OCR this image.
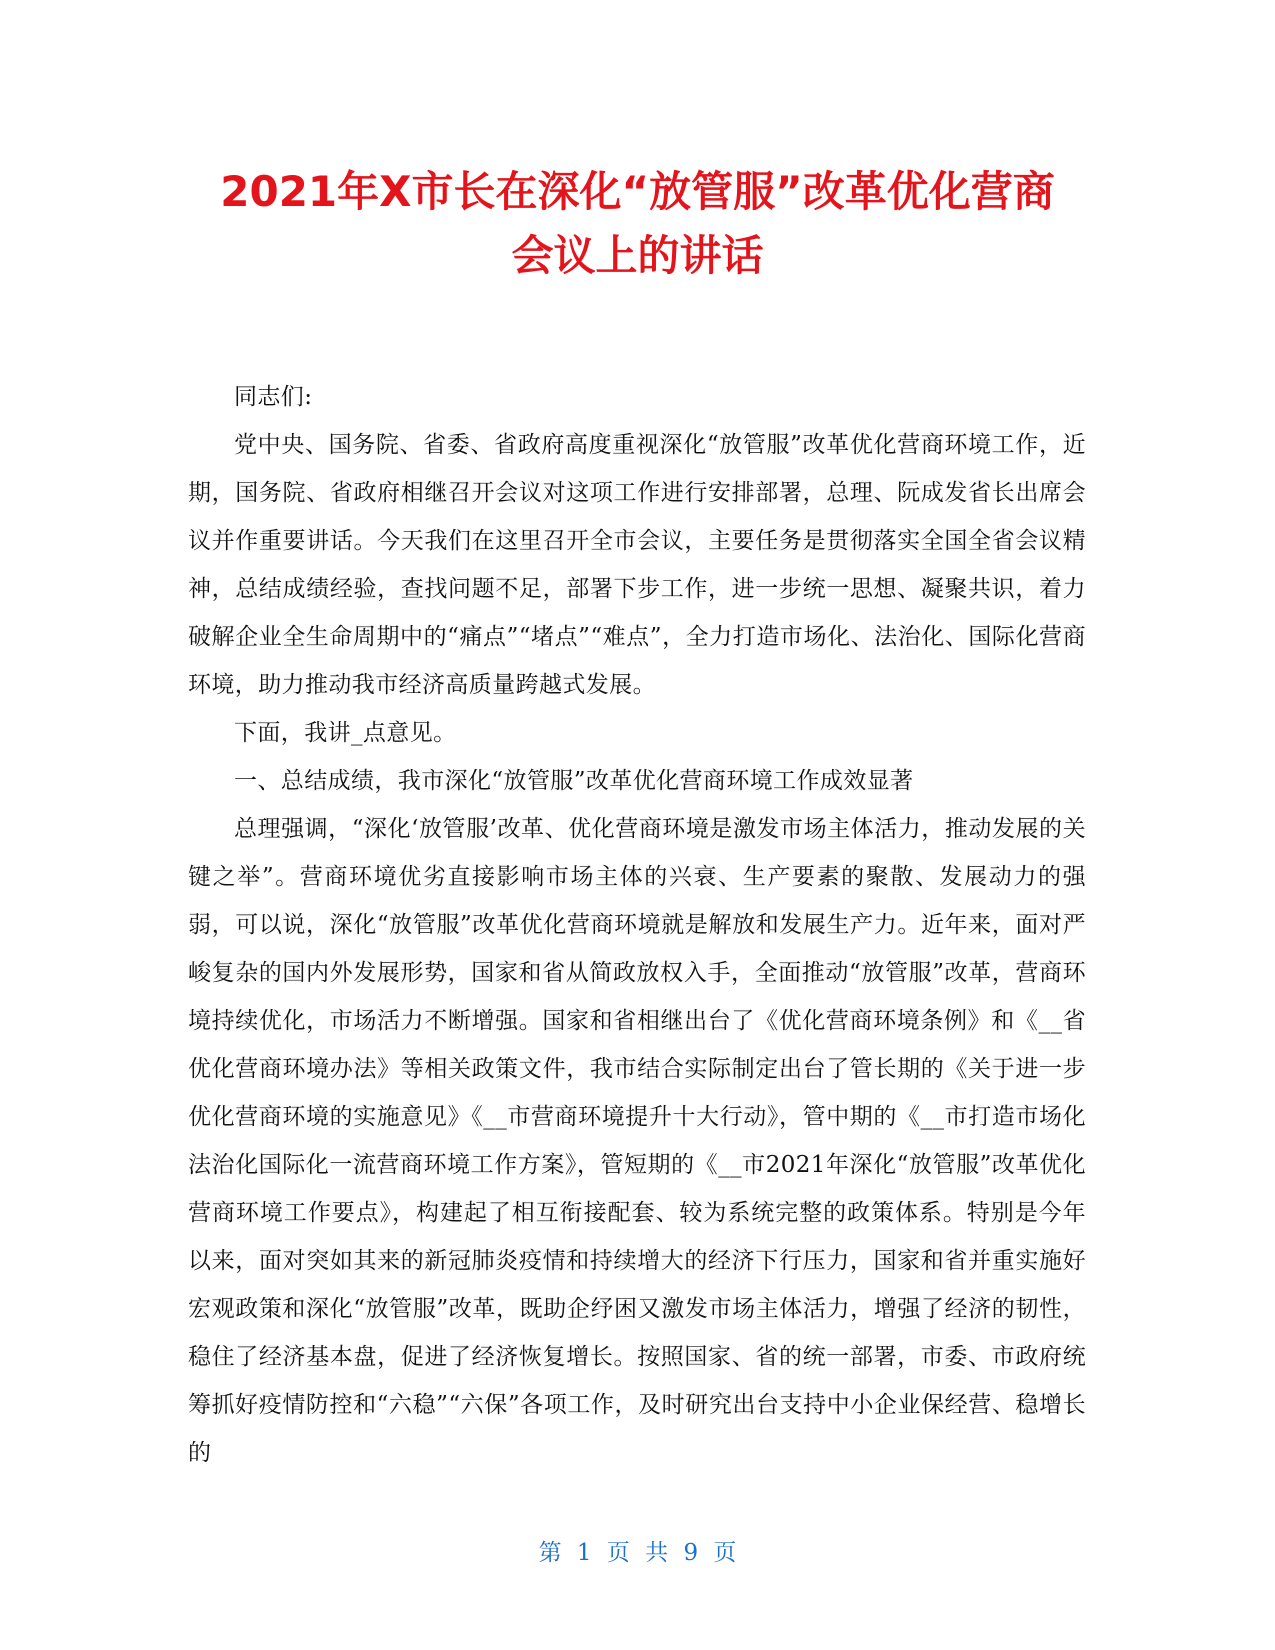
2021年X市长在深化“放管服”改革优化营商
会议上的讲话

同志们:

党中央、国务院、省委、省政府高度重视深化“放管服”改革优化营商环境工作，近期，国务院、省政府相继召开会议对这项工作进行安排部署，总理、阮成发省长出席会议并作重要讲话。今天我们在这里召开全市会议，主要任务是贯彻落实全国全省会议精神，总结成绩经验，查找问题不足，部署下步工作，进一步统一思想、凝聚共识，着力破解企业全生命周期中的“痛点”“堵点”“难点”，全力打造市场化、法治化、国际化营商环境，助力推动我市经济高质量跨越式发展。

下面，我讲_点意见。

一、总结成绩，我市深化“放管服”改革优化营商环境工作成效显著

总理强调，“深化‘放管服’改革、优化营商环境是激发市场主体活力，推动发展的关键之举”。营商环境优劣直接影响市场主体的兴衰、生产要素的聚散、发展动力的强弱，可以说，深化“放管服”改革优化营商环境就是解放和发展生产力。近年来，面对严峻复杂的国内外发展形势，国家和省从简政放权入手，全面推动“放管服”改革，营商环境持续优化，市场活力不断增强。国家和省相继出台了《优化营商环境条例》和《__省优化营商环境办法》等相关政策文件，我市结合实际制定出台了管长期的《关于进一步优化营商环境的实施意见》《__市营商环境提升十大行动》，管中期的《__市打造市场化法治化国际化一流营商环境工作方案》，管短期的《__市2021年深化“放管服”改革优化营商环境工作要点》，构建起了相互衔接配套、较为系统完整的政策体系。特别是今年以来，面对突如其来的新冠肺炎疫情和持续增大的经济下行压力，国家和省并重实施好宏观政策和深化“放管服”改革，既助企纾困又激发市场主体活力，增强了经济的韧性，稳住了经济基本盘，促进了经济恢复增长。按照国家、省的统一部署，市委、市政府统筹抓好疫情防控和“六稳”“六保”各项工作，及时研究出台支持中小企业保经营、稳增长的

第 1 页 共 9 页
